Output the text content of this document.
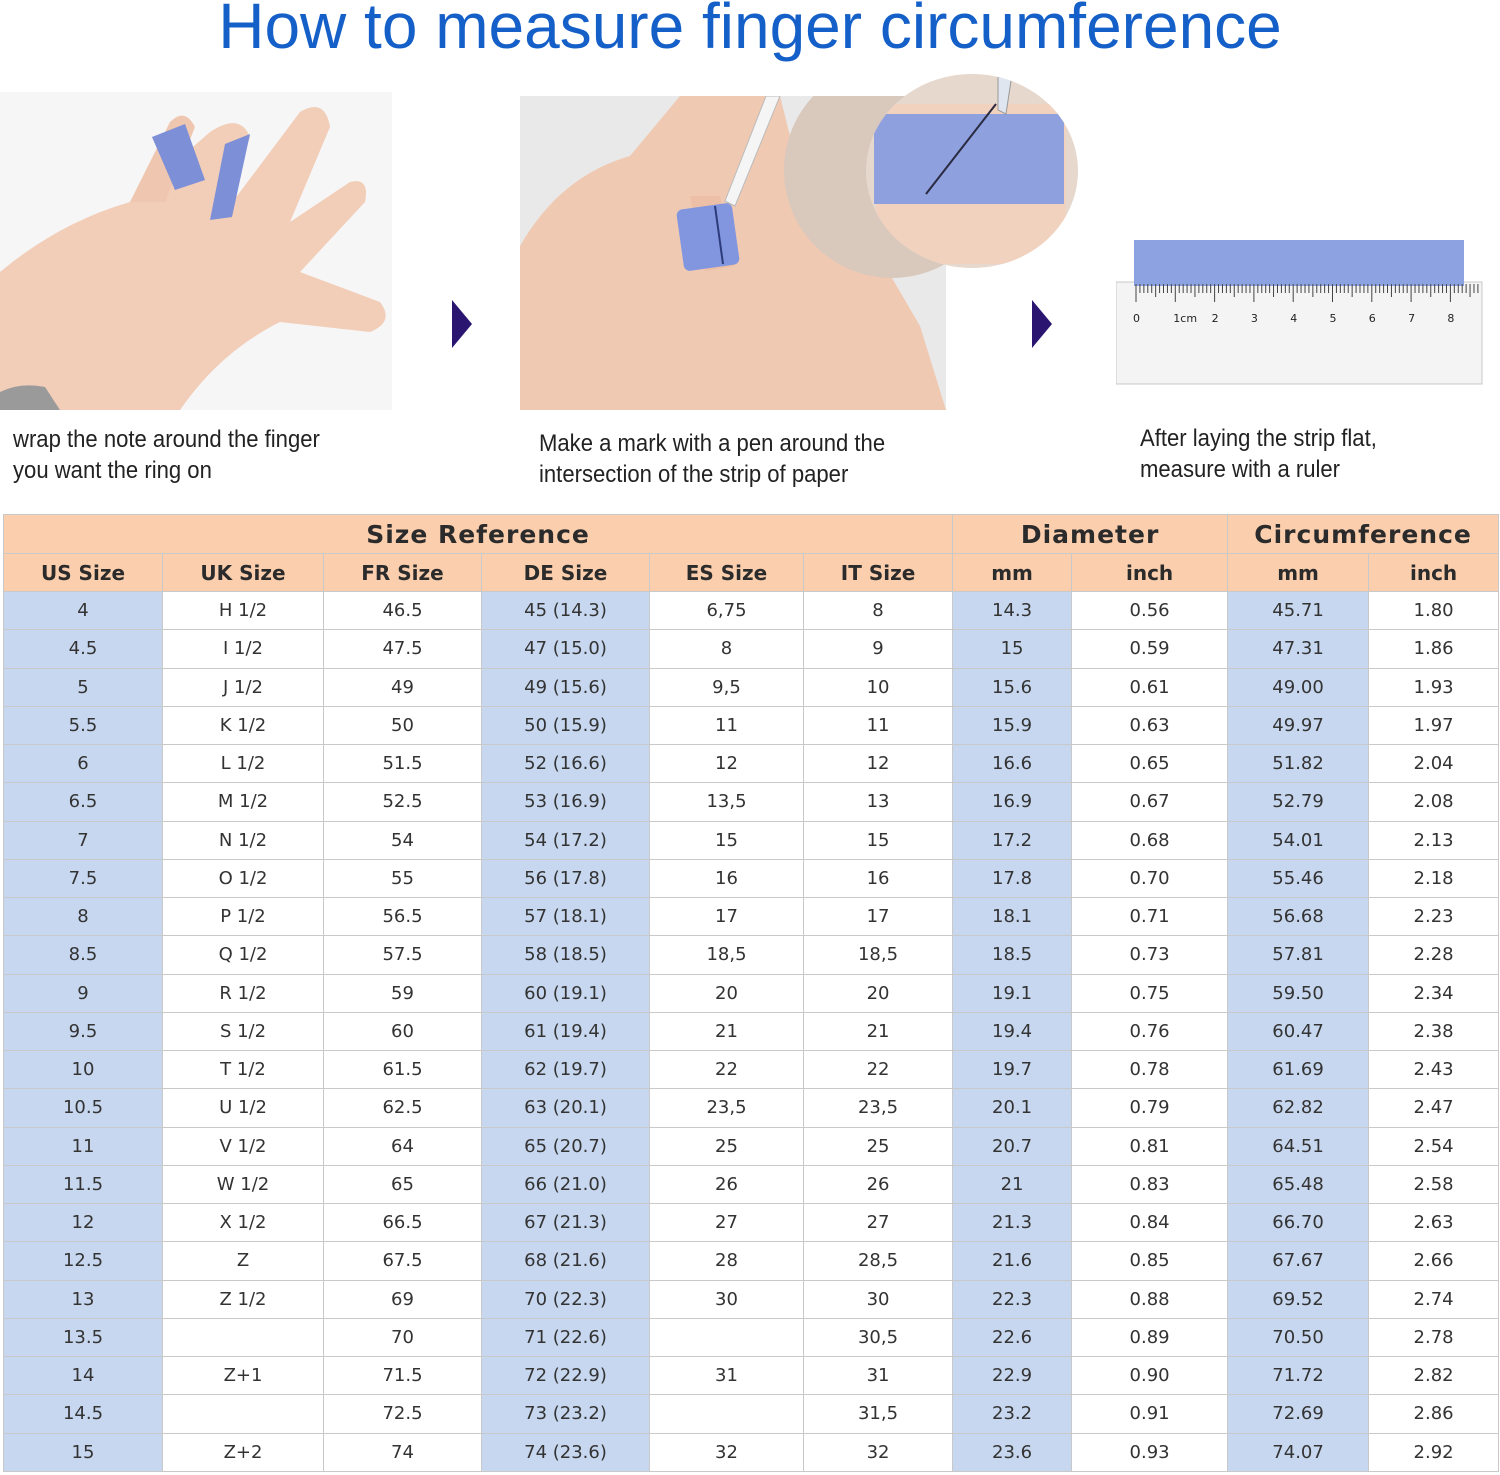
How to measure finger circumference
0	1cm 2	3	4	5	6	7	8
wrap the note around the finger
you want the ring on
Make a mark with a pen around the
intersection of the strip of paper
After laying the strip flat,
measure with a ruler
Size Reference						Diameter		Circumference	
US Size	UK Size	FR Size	DE Size	ES Size	IT Size	mm	inch	mm	inch
4	H 1/2	46.5	45 (14.3)	6,75	8	14.3	0.56	45.71	1.80
4.5	I 1/2	47.5	47 (15.0)	8	9	15	0.59	47.31	1.86
5	J 1/2	49	49 (15.6)	9,5	10	15.6	0.61	49.00	1.93
5.5	K 1/2	50	50 (15.9)	11	11	15.9	0.63	49.97	1.97
6	L 1/2	51.5	52 (16.6)	12	12	16.6	0.65	51.82	2.04
6.5	M 1/2	52.5	53 (16.9)	13,5	13	16.9	0.67	52.79	2.08
7	N 1/2	54	54 (17.2)	15	15	17.2	0.68	54.01	2.13
7.5	O 1/2	55	56 (17.8)	16	16	17.8	0.70	55.46	2.18
8	P 1/2	56.5	57 (18.1)	17	17	18.1	0.71	56.68	2.23
8.5	Q 1/2	57.5	58 (18.5)	18,5	18,5	18.5	0.73	57.81	2.28
9	R 1/2	59	60 (19.1)	20	20	19.1	0.75	59.50	2.34
9.5	S 1/2	60	61 (19.4)	21	21	19.4	0.76	60.47	2.38
10	T 1/2	61.5	62 (19.7)	22	22	19.7	0.78	61.69	2.43
10.5	U 1/2	62.5	63 (20.1)	23,5	23,5	20.1	0.79	62.82	2.47
11	V 1/2	64	65 (20.7)	25	25	20.7	0.81	64.51	2.54
11.5	W 1/2	65	66 (21.0)	26	26	21	0.83	65.48	2.58
12	X 1/2	66.5	67 (21.3)	27	27	21.3	0.84	66.70	2.63
12.5	Z	67.5	68 (21.6)	28	28,5	21.6	0.85	67.67	2.66
13	Z 1/2	69	70 (22.3)	30	30	22.3	0.88	69.52	2.74
13.5		70	71 (22.6)		30,5	22.6	0.89	70.50	2.78
14	Z+1	71.5	72 (22.9)	31	31	22.9	0.90	71.72	2.82
14.5		72.5	73 (23.2)		31,5	23.2	0.91	72.69	2.86
15	Z+2	74	74 (23.6)	32	32	23.6	0.93	74.07	2.92
